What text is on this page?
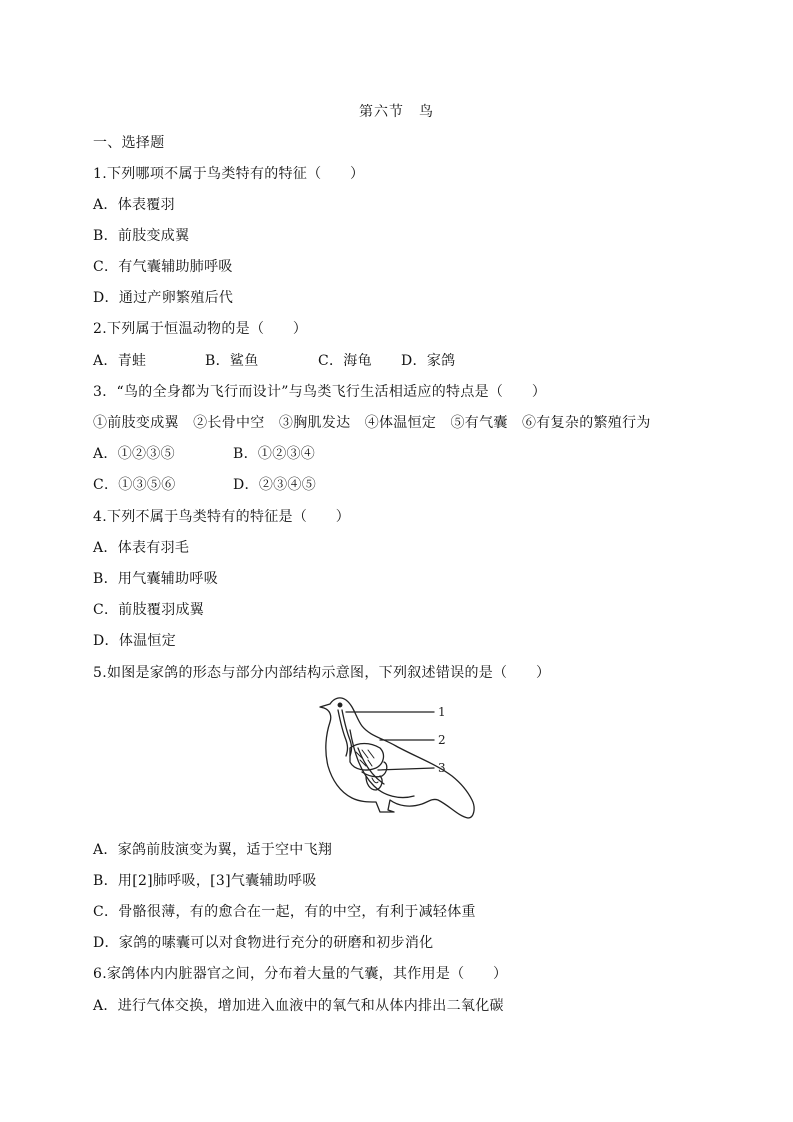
第六节　鸟
一、选择题
1.下列哪项不属于鸟类特有的特征（　　）
A．体表覆羽
B．前肢变成翼
C．有气囊辅助肺呼吸
D．通过产卵繁殖后代
2.下列属于恒温动物的是（　　）
A．青蛙	B．鲨鱼	C．海龟 D．家鸽
3．“鸟的全身都为飞行而设计”与鸟类飞行生活相适应的特点是（　　）
①前肢变成翼　②长骨中空　③胸肌发达　④体温恒定　⑤有气囊　⑥有复杂的繁殖行为
A．①②③⑤	B．①②③④
C．①③⑤⑥	D．②③④⑤
4.下列不属于鸟类特有的特征是（　　）
A．体表有羽毛
B．用气囊辅助呼吸
C．前肢覆羽成翼
D．体温恒定
5.如图是家鸽的形态与部分内部结构示意图，下列叙述错误的是（　　）
1
2
3
A．家鸽前肢演变为翼，适于空中飞翔
B．用[2]肺呼吸，[3]气囊辅助呼吸
C．骨骼很薄，有的愈合在一起，有的中空，有利于减轻体重
D．家鸽的嗉囊可以对食物进行充分的研磨和初步消化
6.家鸽体内内脏器官之间，分布着大量的气囊，其作用是（　　）
A．进行气体交换，增加进入血液中的氧气和从体内排出二氧化碳
